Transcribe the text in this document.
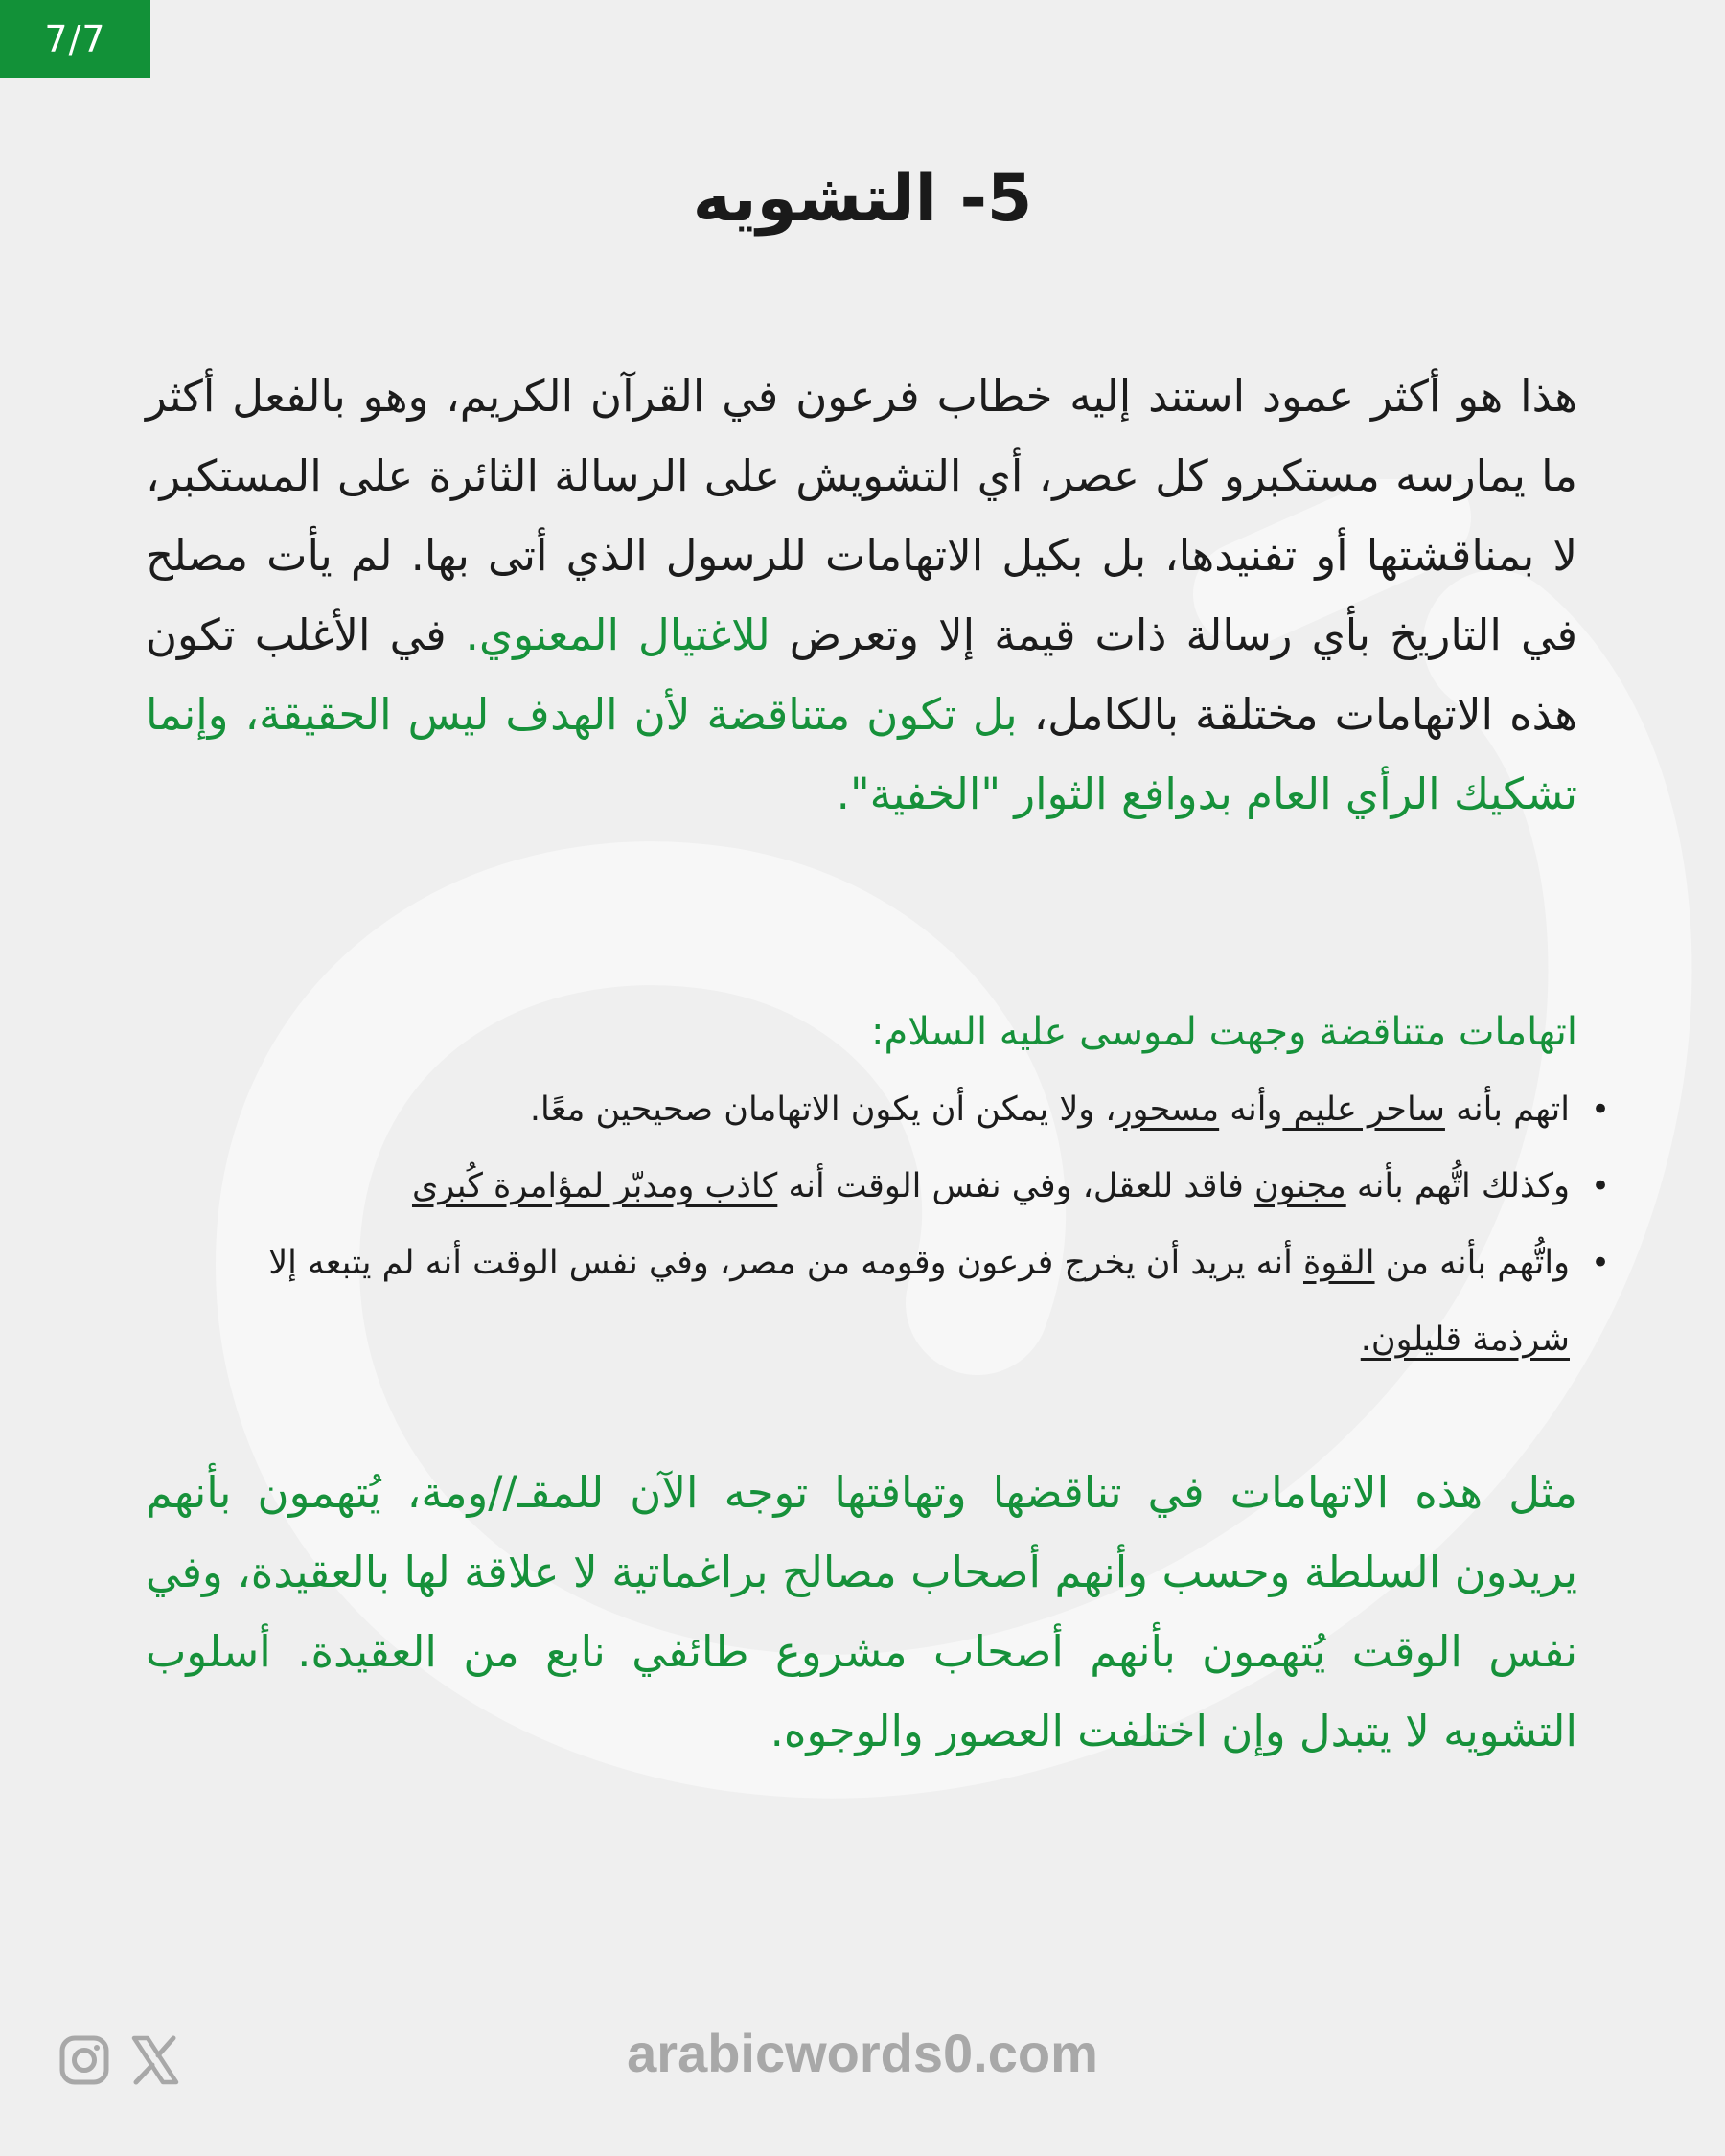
7/7
5- التشويه
هذا هو أكثر عمود استند إليه خطاب فرعون في القرآن الكريم، وهو بالفعل أكثر ما يمارسه مستكبرو كل عصر، أي التشويش على الرسالة الثائرة على المستكبر، لا بمناقشتها أو تفنيدها، بل بكيل الاتهامات للرسول الذي أتى بها. لم يأت مصلح في التاريخ بأي رسالة ذات قيمة إلا وتعرض للاغتيال المعنوي. في الأغلب تكون هذه الاتهامات مختلقة بالكامل، بل تكون متناقضة لأن الهدف ليس الحقيقة، وإنما تشكيك الرأي العام بدوافع الثوار "الخفية".
اتهامات متناقضة وجهت لموسى عليه السلام:
• اتهم بأنه ساحر عليم وأنه مسحور، ولا يمكن أن يكون الاتهامان صحيحين معًا.
• وكذلك اتُّهم بأنه مجنون فاقد للعقل، وفي نفس الوقت أنه كاذب ومدبّر لمؤامرة كُبرى
• واتُّهم بأنه من القوة أنه يريد أن يخرج فرعون وقومه من مصر، وفي نفس الوقت أنه لم يتبعه إلا شرذمة قليلون.
مثل هذه الاتهامات في تناقضها وتهافتها توجه الآن للمقـ//ومة، يُتهمون بأنهم يريدون السلطة وحسب وأنهم أصحاب مصالح براغماتية لا علاقة لها بالعقيدة، وفي نفس الوقت يُتهمون بأنهم أصحاب مشروع طائفي نابع من العقيدة. أسلوب التشويه لا يتبدل وإن اختلفت العصور والوجوه.
arabicwords0.com
